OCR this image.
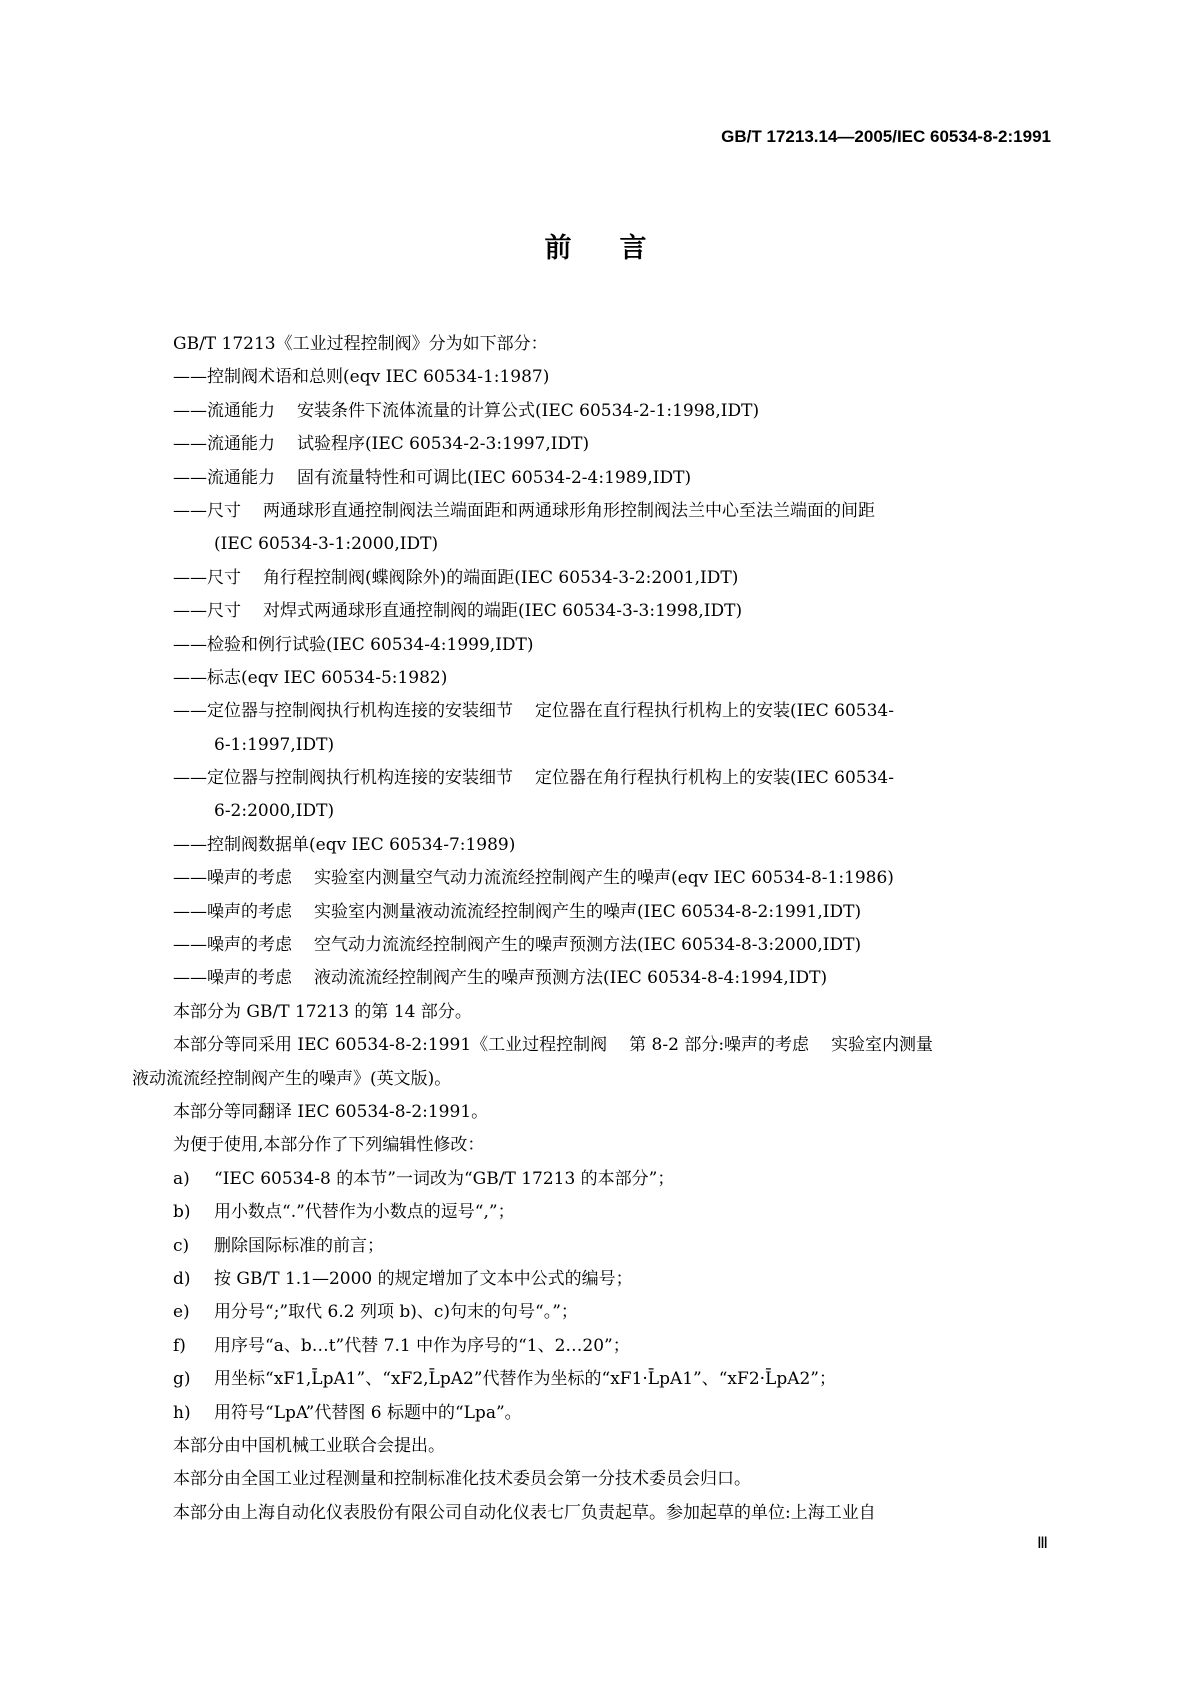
GB/T 17213.14—2005/IEC 60534-8-2:1991
前言
GB/T 17213《工业过程控制阀》分为如下部分：
——控制阀术语和总则(eqv IEC 60534-1:1987)
——流通能力 安装条件下流体流量的计算公式(IEC 60534-2-1:1998,IDT)
——流通能力 试验程序(IEC 60534-2-3:1997,IDT)
——流通能力 固有流量特性和可调比(IEC 60534-2-4:1989,IDT)
——尺寸 两通球形直通控制阀法兰端面距和两通球形角形控制阀法兰中心至法兰端面的间距
(IEC 60534-3-1:2000,IDT)
——尺寸 角行程控制阀(蝶阀除外)的端面距(IEC 60534-3-2:2001,IDT)
——尺寸 对焊式两通球形直通控制阀的端距(IEC 60534-3-3:1998,IDT)
——检验和例行试验(IEC 60534-4:1999,IDT)
——标志(eqv IEC 60534-5:1982)
——定位器与控制阀执行机构连接的安装细节 定位器在直行程执行机构上的安装(IEC 60534-
6-1:1997,IDT)
——定位器与控制阀执行机构连接的安装细节 定位器在角行程执行机构上的安装(IEC 60534-
6-2:2000,IDT)
——控制阀数据单(eqv IEC 60534-7:1989)
——噪声的考虑 实验室内测量空气动力流流经控制阀产生的噪声(eqv IEC 60534-8-1:1986)
——噪声的考虑 实验室内测量液动流流经控制阀产生的噪声(IEC 60534-8-2:1991,IDT)
——噪声的考虑 空气动力流流经控制阀产生的噪声预测方法(IEC 60534-8-3:2000,IDT)
——噪声的考虑 液动流流经控制阀产生的噪声预测方法(IEC 60534-8-4:1994,IDT)
本部分为 GB/T 17213 的第 14 部分。
本部分等同采用 IEC 60534-8-2:1991《工业过程控制阀 第 8-2 部分:噪声的考虑 实验室内测量
液动流流经控制阀产生的噪声》(英文版)。
本部分等同翻译 IEC 60534-8-2:1991。
为便于使用,本部分作了下列编辑性修改：
a) “IEC 60534-8 的本节”一词改为“GB/T 17213 的本部分”；
b) 用小数点“.”代替作为小数点的逗号“,”；
c) 删除国际标准的前言；
d) 按 GB/T 1.1—2000 的规定增加了文本中公式的编号；
e) 用分号“;”取代 6.2 列项 b)、c)句末的句号“。”；
f) 用序号“a、b…t”代替 7.1 中作为序号的“1、2…20”；
g) 用坐标“xF1,L̄pA1”、“xF2,L̄pA2”代替作为坐标的“xF1·L̄pA1”、“xF2·L̄pA2”；
h) 用符号“LpA”代替图 6 标题中的“Lpa”。
本部分由中国机械工业联合会提出。
本部分由全国工业过程测量和控制标准化技术委员会第一分技术委员会归口。
本部分由上海自动化仪表股份有限公司自动化仪表七厂负责起草。参加起草的单位:上海工业自
Ⅲ
